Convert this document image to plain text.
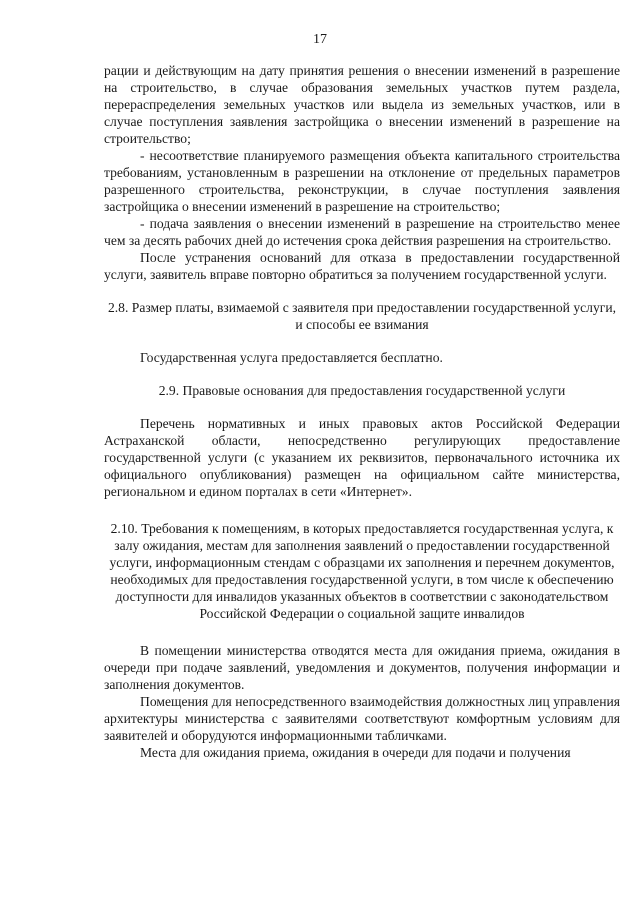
17

рации и действующим на дату принятия решения о внесении изменений в разрешение на строительство, в случае образования земельных участков путем раздела, перераспределения земельных участков или выдела из земельных участков, или в случае поступления заявления застройщика о внесении изменений в разрешение на строительство;

- несоответствие планируемого размещения объекта капитального строительства требованиям, установленным в разрешении на отклонение от предельных параметров разрешенного строительства, реконструкции, в случае поступления заявления застройщика о внесении изменений в разрешение на строительство;

- подача заявления о внесении изменений в разрешение на строительство менее чем за десять рабочих дней до истечения срока действия разрешения на строительство.

После устранения оснований для отказа в предоставлении государственной услуги, заявитель вправе повторно обратиться за получением государственной услуги.

2.8. Размер платы, взимаемой с заявителя при предоставлении государственной услуги, и способы ее взимания

Государственная услуга предоставляется бесплатно.

2.9. Правовые основания для предоставления государственной услуги

Перечень нормативных и иных правовых актов Российской Федерации Астраханской области, непосредственно регулирующих предоставление государственной услуги (с указанием их реквизитов, первоначального источника их официального опубликования) размещен на официальном сайте министерства, региональном и едином порталах в сети «Интернет».

2.10. Требования к помещениям, в которых предоставляется государственная услуга, к залу ожидания, местам для заполнения заявлений о предоставлении государственной услуги, информационным стендам с образцами их заполнения и перечнем документов, необходимых для предоставления государственной услуги, в том числе к обеспечению доступности для инвалидов указанных объектов в соответствии с законодательством Российской Федерации о социальной защите инвалидов

В помещении министерства отводятся места для ожидания приема, ожидания в очереди при подаче заявлений, уведомления и документов, получения информации и заполнения документов.

Помещения для непосредственного взаимодействия должностных лиц управления архитектуры министерства с заявителями соответствуют комфортным условиям для заявителей и оборудуются информационными табличками.

Места для ожидания приема, ожидания в очереди для подачи и получения
